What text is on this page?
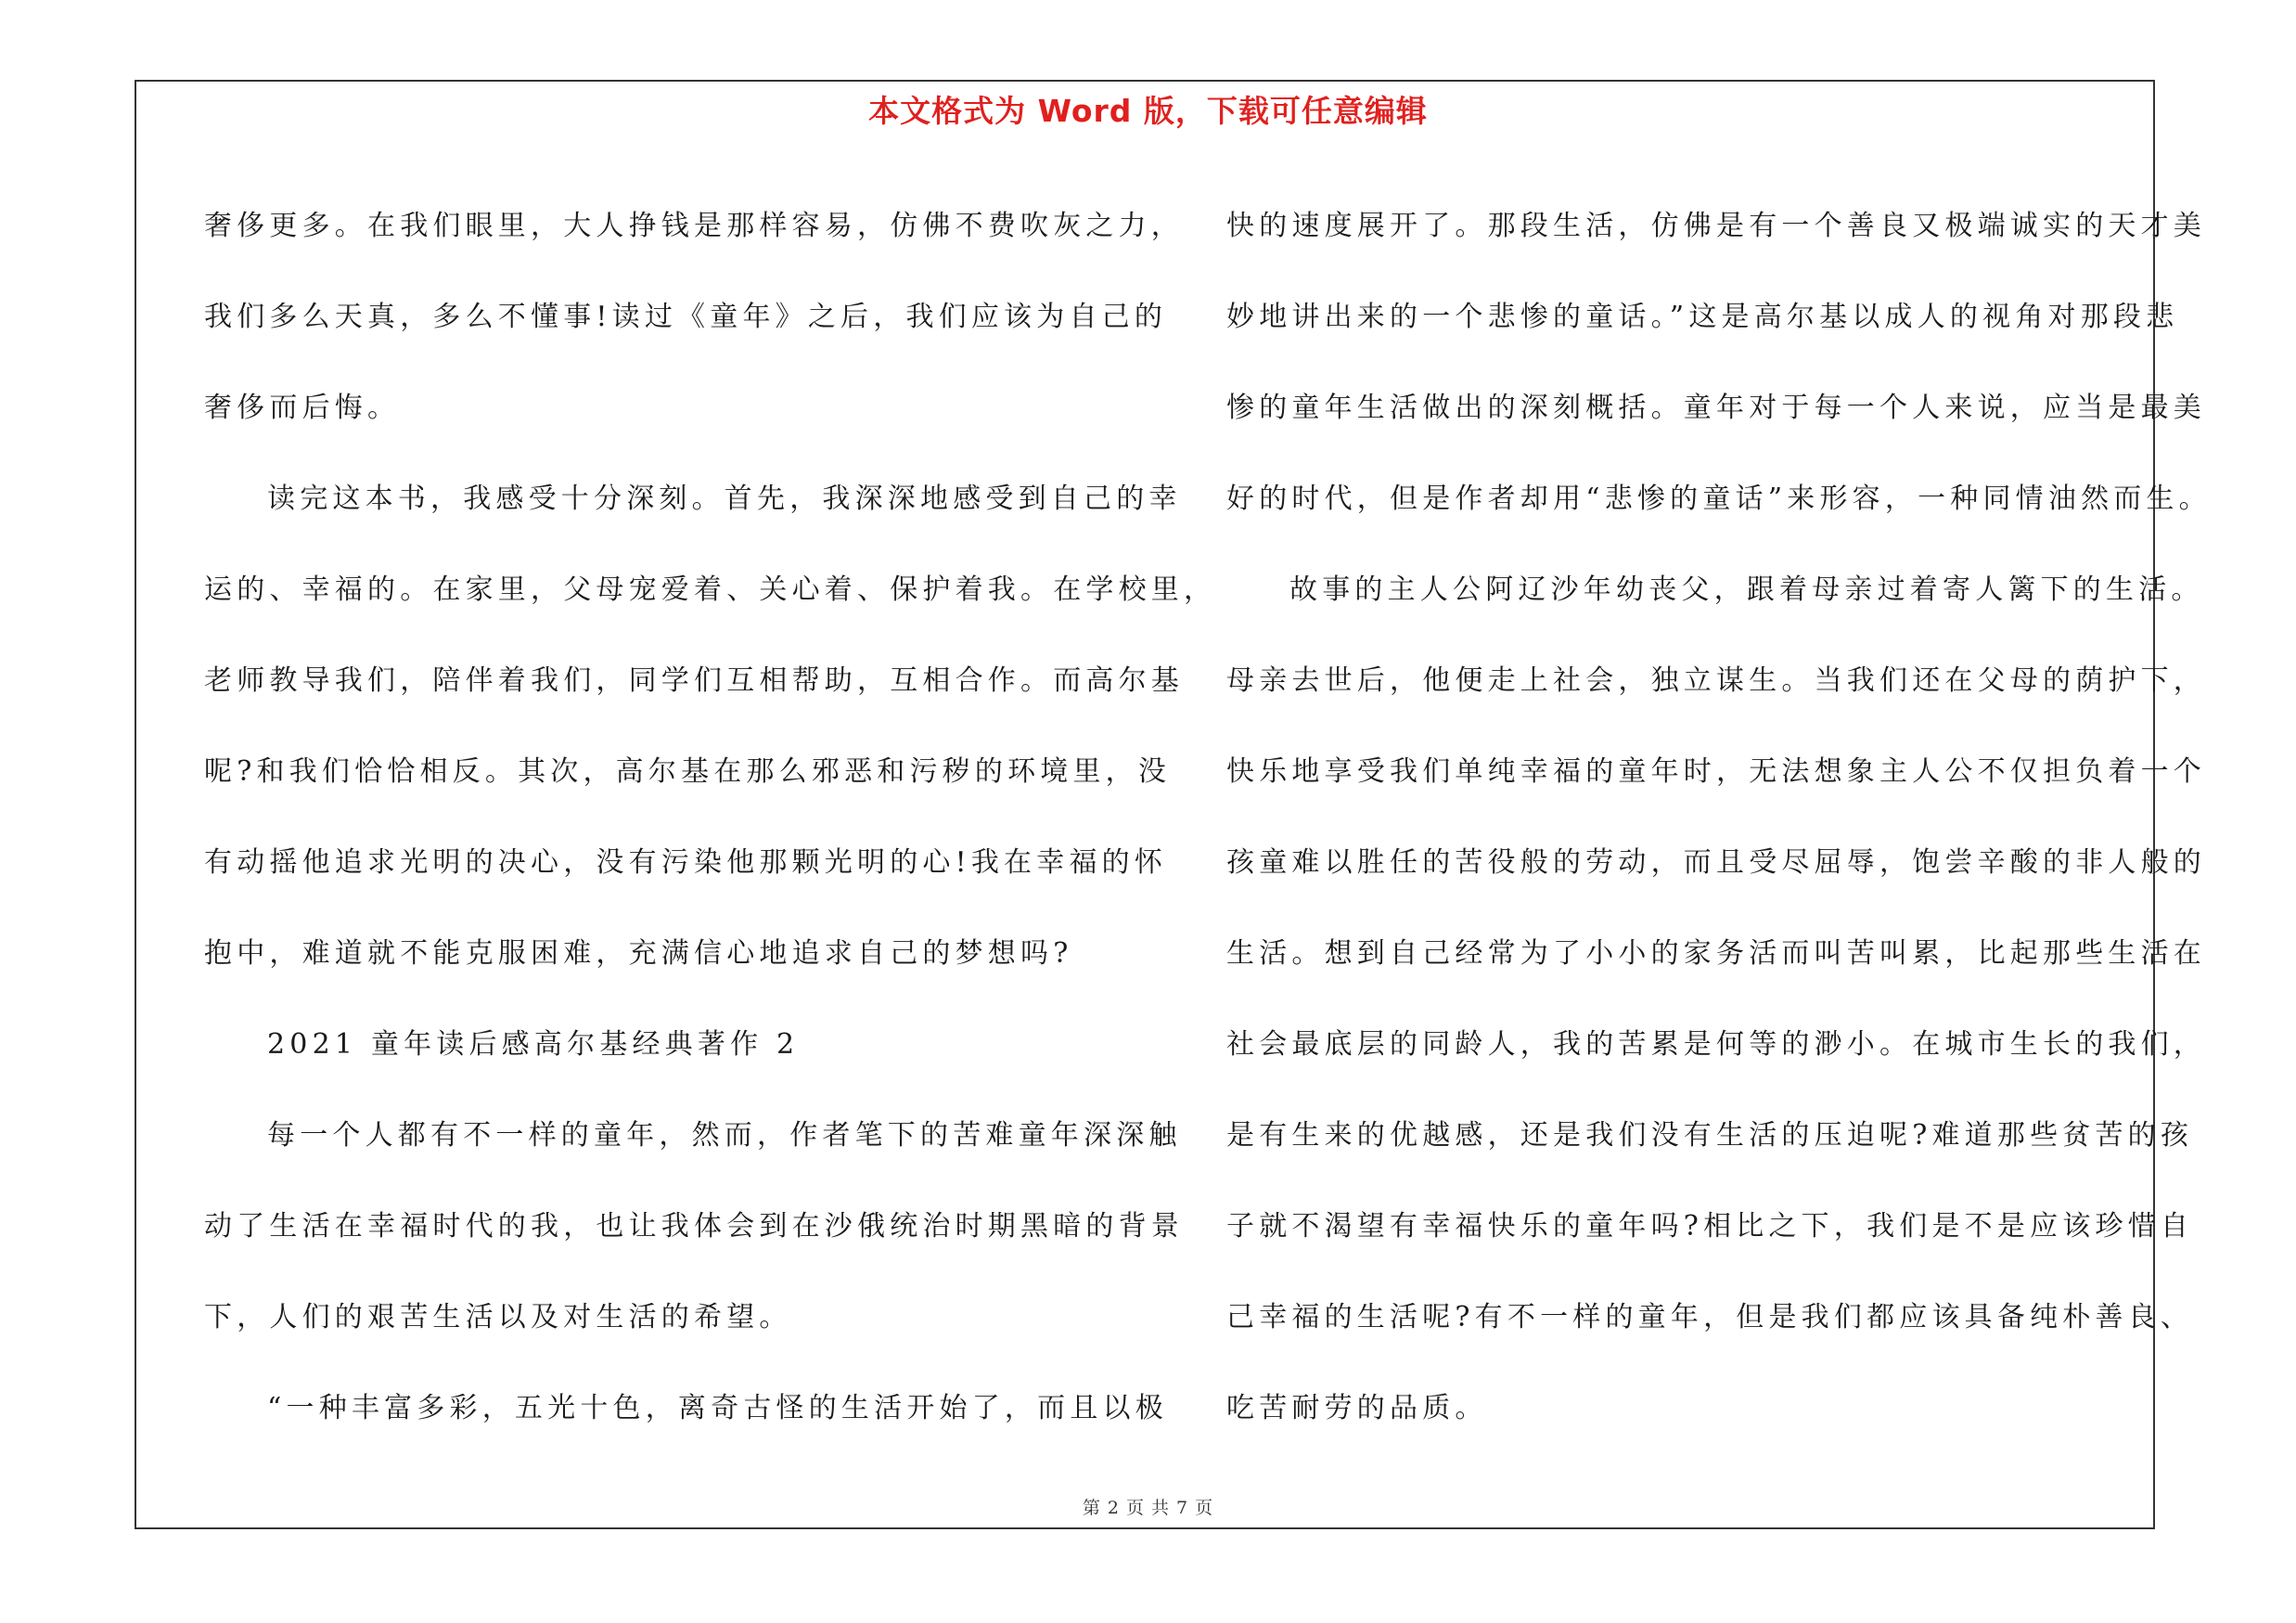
本文格式为 Word 版，下载可任意编辑
奢侈更多。在我们眼里，大人挣钱是那样容易，仿佛不费吹灰之力，
我们多么天真，多么不懂事!读过《童年》之后，我们应该为自己的
奢侈而后悔。
读完这本书，我感受十分深刻。首先，我深深地感受到自己的幸
运的、幸福的。在家里，父母宠爱着、关心着、保护着我。在学校里，
老师教导我们，陪伴着我们，同学们互相帮助，互相合作。而高尔基
呢?和我们恰恰相反。其次，高尔基在那么邪恶和污秽的环境里，没
有动摇他追求光明的决心，没有污染他那颗光明的心!我在幸福的怀
抱中，难道就不能克服困难，充满信心地追求自己的梦想吗?
2021 童年读后感高尔基经典著作 2
每一个人都有不一样的童年，然而，作者笔下的苦难童年深深触
动了生活在幸福时代的我，也让我体会到在沙俄统治时期黑暗的背景
下，人们的艰苦生活以及对生活的希望。
“一种丰富多彩，五光十色，离奇古怪的生活开始了，而且以极
快的速度展开了。那段生活，仿佛是有一个善良又极端诚实的天才美
妙地讲出来的一个悲惨的童话。”这是高尔基以成人的视角对那段悲
惨的童年生活做出的深刻概括。童年对于每一个人来说，应当是最美
好的时代，但是作者却用“悲惨的童话”来形容，一种同情油然而生。
故事的主人公阿辽沙年幼丧父，跟着母亲过着寄人篱下的生活。
母亲去世后，他便走上社会，独立谋生。当我们还在父母的荫护下，
快乐地享受我们单纯幸福的童年时，无法想象主人公不仅担负着一个
孩童难以胜任的苦役般的劳动，而且受尽屈辱，饱尝辛酸的非人般的
生活。想到自己经常为了小小的家务活而叫苦叫累，比起那些生活在
社会最底层的同龄人，我的苦累是何等的渺小。在城市生长的我们，
是有生来的优越感，还是我们没有生活的压迫呢?难道那些贫苦的孩
子就不渴望有幸福快乐的童年吗?相比之下，我们是不是应该珍惜自
己幸福的生活呢?有不一样的童年，但是我们都应该具备纯朴善良、
吃苦耐劳的品质。
第 2 页 共 7 页
